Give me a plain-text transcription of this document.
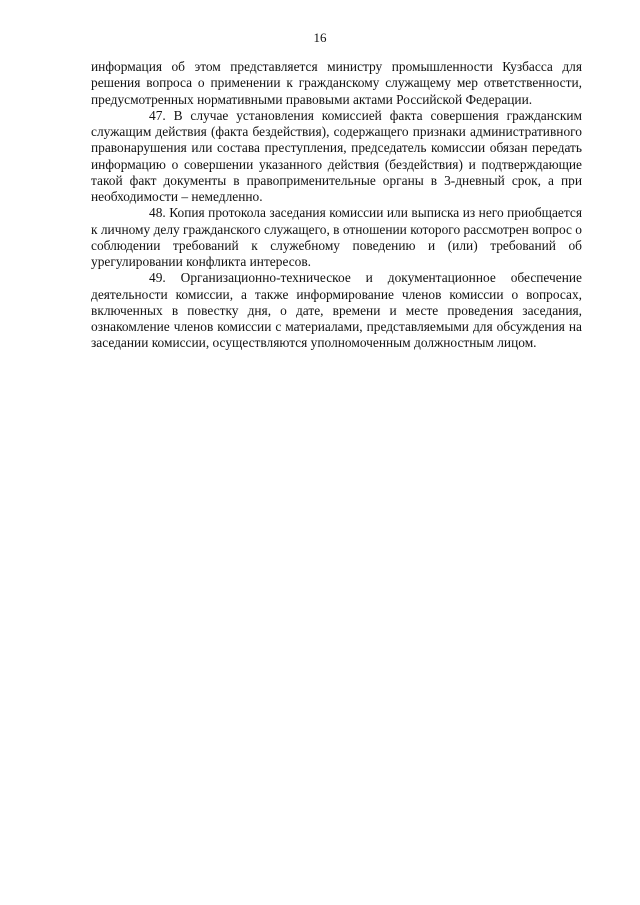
16

информация об этом представляется министру промышленности Кузбасса для решения вопроса о применении к гражданскому служащему мер ответственности, предусмотренных нормативными правовыми актами Российской Федерации.

47. В случае установления комиссией факта совершения гражданским служащим действия (факта бездействия), содержащего признаки административного правонарушения или состава преступления, председатель комиссии обязан передать информацию о совершении указанного действия (бездействия) и подтверждающие такой факт документы в правоприменительные органы в 3-дневный срок, а при необходимости – немедленно.

48. Копия протокола заседания комиссии или выписка из него приобщается к личному делу гражданского служащего, в отношении которого рассмотрен вопрос о соблюдении требований к служебному поведению и (или) требований об урегулировании конфликта интересов.

49. Организационно-техническое и документационное обеспечение деятельности комиссии, а также информирование членов комиссии о вопросах, включенных в повестку дня, о дате, времени и месте проведения заседания, ознакомление членов комиссии с материалами, представляемыми для обсуждения на заседании комиссии, осуществляются уполномоченным должностным лицом.
